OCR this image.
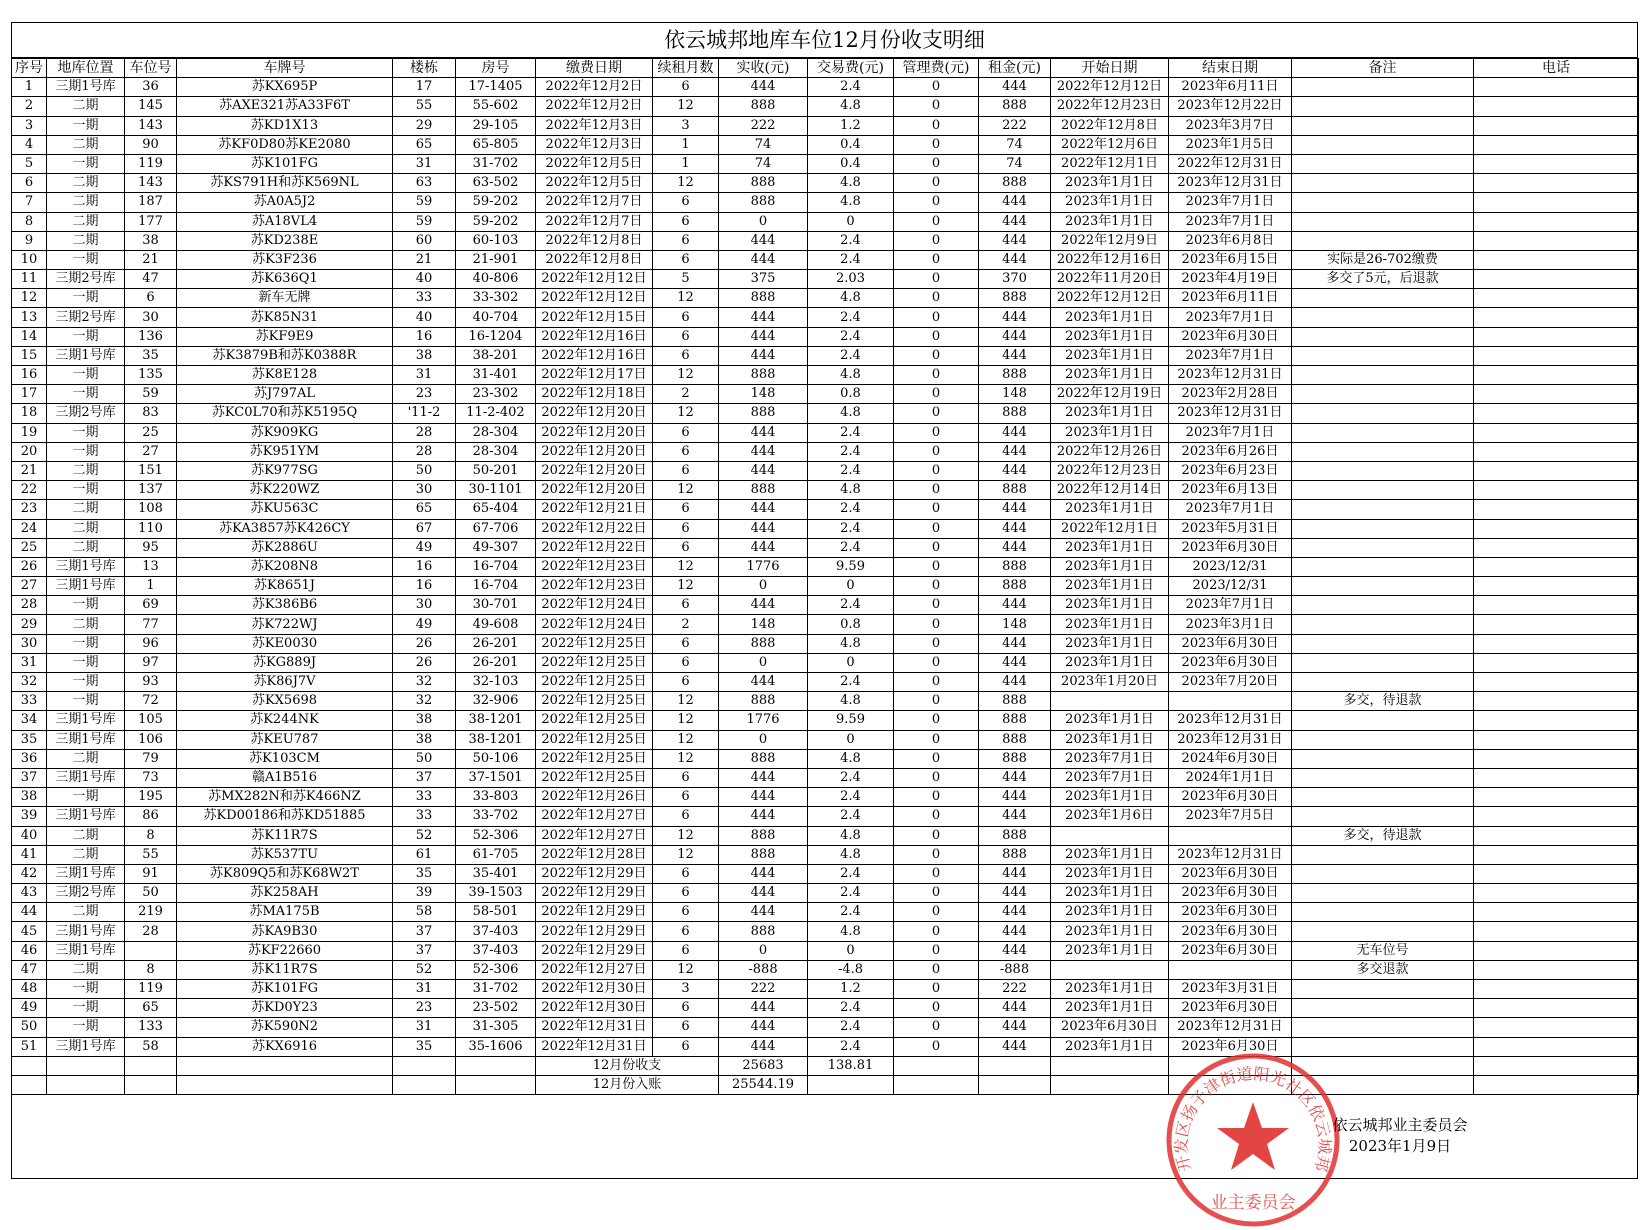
依云城邦地库车位12月份收支明细
序号	地库位置	车位号	车牌号	楼栋	房号	缴费日期	续租月数	实收(元)	交易费(元)	管理费(元)	租金(元)	开始日期	结束日期	备注	电话
1	三期1号库	36	苏KX695P	17	17-1405	2022年12月2日	6	444	2.4	0	444	2022年12月12日	2023年6月11日		
2	二期	145	苏AXE321苏A33F6T	55	55-602	2022年12月2日	12	888	4.8	0	888	2022年12月23日	2023年12月22日		
3	一期	143	苏KD1X13	29	29-105	2022年12月3日	3	222	1.2	0	222	2022年12月8日	2023年3月7日		
4	二期	90	苏KF0D80苏KE2080	65	65-805	2022年12月3日	1	74	0.4	0	74	2022年12月6日	2023年1月5日		
5	一期	119	苏K101FG	31	31-702	2022年12月5日	1	74	0.4	0	74	2022年12月1日	2022年12月31日		
6	二期	143	苏KS791H和苏K569NL	63	63-502	2022年12月5日	12	888	4.8	0	888	2023年1月1日	2023年12月31日		
7	二期	187	苏A0A5J2	59	59-202	2022年12月7日	6	888	4.8	0	444	2023年1月1日	2023年7月1日		
8	二期	177	苏A18VL4	59	59-202	2022年12月7日	6	0	0	0	444	2023年1月1日	2023年7月1日		
9	二期	38	苏KD238E	60	60-103	2022年12月8日	6	444	2.4	0	444	2022年12月9日	2023年6月8日		
10	一期	21	苏K3F236	21	21-901	2022年12月8日	6	444	2.4	0	444	2022年12月16日	2023年6月15日	实际是26-702缴费	
11	三期2号库	47	苏K636Q1	40	40-806	2022年12月12日	5	375	2.03	0	370	2022年11月20日	2023年4月19日	多交了5元，后退款	
12	一期	6	新车无牌	33	33-302	2022年12月12日	12	888	4.8	0	888	2022年12月12日	2023年6月11日		
13	三期2号库	30	苏K85N31	40	40-704	2022年12月15日	6	444	2.4	0	444	2023年1月1日	2023年7月1日		
14	一期	136	苏KF9E9	16	16-1204	2022年12月16日	6	444	2.4	0	444	2023年1月1日	2023年6月30日		
15	三期1号库	35	苏K3879B和苏K0388R	38	38-201	2022年12月16日	6	444	2.4	0	444	2023年1月1日	2023年7月1日		
16	一期	135	苏K8E128	31	31-401	2022年12月17日	12	888	4.8	0	888	2023年1月1日	2023年12月31日		
17	一期	59	苏J797AL	23	23-302	2022年12月18日	2	148	0.8	0	148	2022年12月19日	2023年2月28日		
18	三期2号库	83	苏KC0L70和苏K5195Q	'11-2	11-2-402	2022年12月20日	12	888	4.8	0	888	2023年1月1日	2023年12月31日		
19	一期	25	苏K909KG	28	28-304	2022年12月20日	6	444	2.4	0	444	2023年1月1日	2023年7月1日		
20	一期	27	苏K951YM	28	28-304	2022年12月20日	6	444	2.4	0	444	2022年12月26日	2023年6月26日		
21	二期	151	苏K977SG	50	50-201	2022年12月20日	6	444	2.4	0	444	2022年12月23日	2023年6月23日		
22	一期	137	苏K220WZ	30	30-1101	2022年12月20日	12	888	4.8	0	888	2022年12月14日	2023年6月13日		
23	二期	108	苏KU563C	65	65-404	2022年12月21日	6	444	2.4	0	444	2023年1月1日	2023年7月1日		
24	二期	110	苏KA3857苏K426CY	67	67-706	2022年12月22日	6	444	2.4	0	444	2022年12月1日	2023年5月31日		
25	二期	95	苏K2886U	49	49-307	2022年12月22日	6	444	2.4	0	444	2023年1月1日	2023年6月30日		
26	三期1号库	13	苏K208N8	16	16-704	2022年12月23日	12	1776	9.59	0	888	2023年1月1日	2023/12/31		
27	三期1号库	1	苏K8651J	16	16-704	2022年12月23日	12	0	0	0	888	2023年1月1日	2023/12/31		
28	一期	69	苏K386B6	30	30-701	2022年12月24日	6	444	2.4	0	444	2023年1月1日	2023年7月1日		
29	二期	77	苏K722WJ	49	49-608	2022年12月24日	2	148	0.8	0	148	2023年1月1日	2023年3月1日		
30	一期	96	苏KE0030	26	26-201	2022年12月25日	6	888	4.8	0	444	2023年1月1日	2023年6月30日		
31	一期	97	苏KG889J	26	26-201	2022年12月25日	6	0	0	0	444	2023年1月1日	2023年6月30日		
32	一期	93	苏K86J7V	32	32-103	2022年12月25日	6	444	2.4	0	444	2023年1月20日	2023年7月20日		
33	一期	72	苏KX5698	32	32-906	2022年12月25日	12	888	4.8	0	888			多交，待退款	
34	三期1号库	105	苏K244NK	38	38-1201	2022年12月25日	12	1776	9.59	0	888	2023年1月1日	2023年12月31日		
35	三期1号库	106	苏KEU787	38	38-1201	2022年12月25日	12	0	0	0	888	2023年1月1日	2023年12月31日		
36	二期	79	苏K103CM	50	50-106	2022年12月25日	12	888	4.8	0	888	2023年7月1日	2024年6月30日		
37	三期1号库	73	赣A1B516	37	37-1501	2022年12月25日	6	444	2.4	0	444	2023年7月1日	2024年1月1日		
38	一期	195	苏MX282N和苏K466NZ	33	33-803	2022年12月26日	6	444	2.4	0	444	2023年1月1日	2023年6月30日		
39	三期1号库	86	苏KD00186和苏KD51885	33	33-702	2022年12月27日	6	444	2.4	0	444	2023年1月6日	2023年7月5日		
40	二期	8	苏K11R7S	52	52-306	2022年12月27日	12	888	4.8	0	888			多交，待退款	
41	二期	55	苏K537TU	61	61-705	2022年12月28日	12	888	4.8	0	888	2023年1月1日	2023年12月31日		
42	三期1号库	91	苏K809Q5和苏K68W2T	35	35-401	2022年12月29日	6	444	2.4	0	444	2023年1月1日	2023年6月30日		
43	三期2号库	50	苏K258AH	39	39-1503	2022年12月29日	6	444	2.4	0	444	2023年1月1日	2023年6月30日		
44	二期	219	苏MA175B	58	58-501	2022年12月29日	6	444	2.4	0	444	2023年1月1日	2023年6月30日		
45	三期1号库	28	苏KA9B30	37	37-403	2022年12月29日	6	888	4.8	0	444	2023年1月1日	2023年6月30日		
46	三期1号库		苏KF22660	37	37-403	2022年12月29日	6	0	0	0	444	2023年1月1日	2023年6月30日	无车位号	
47	二期	8	苏K11R7S	52	52-306	2022年12月27日	12	-888	-4.8	0	-888			多交退款	
48	一期	119	苏K101FG	31	31-702	2022年12月30日	3	222	1.2	0	222	2023年1月1日	2023年3月31日		
49	一期	65	苏KD0Y23	23	23-502	2022年12月30日	6	444	2.4	0	444	2023年1月1日	2023年6月30日		
50	一期	133	苏K590N2	31	31-305	2022年12月31日	6	444	2.4	0	444	2023年6月30日	2023年12月31日		
51	三期1号库	58	苏KX6916	35	35-1606	2022年12月31日	6	444	2.4	0	444	2023年1月1日	2023年6月30日		
						12月份收支		25683	138.81						
						12月份入账		25544.19							
开发区扬子津街道阳光社区依云城邦
业主委员会
依云城邦业主委员会
2023年1月9日
